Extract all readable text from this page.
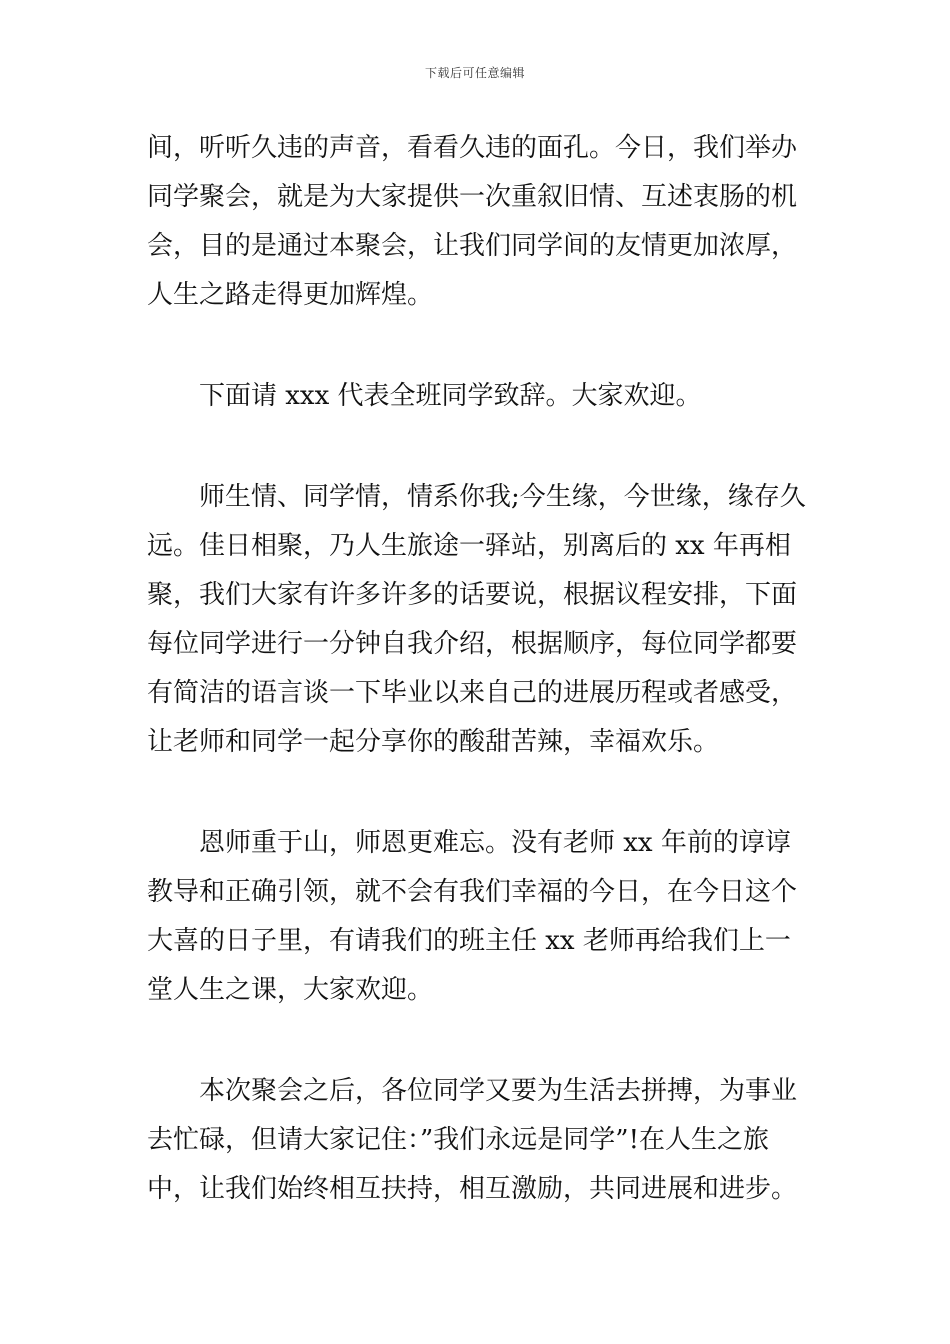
下载后可任意编辑

间，听听久违的声音，看看久违的面孔。今日，我们举办同学聚会，就是为大家提供一次重叙旧情、互述衷肠的机会，目的是通过本聚会，让我们同学间的友情更加浓厚，人生之路走得更加辉煌。

下面请 xxx 代表全班同学致辞。大家欢迎。

师生情、同学情，情系你我;今生缘，今世缘，缘存久远。佳日相聚，乃人生旅途一驿站，别离后的 xx 年再相聚，我们大家有许多许多的话要说，根据议程安排，下面每位同学进行一分钟自我介绍，根据顺序，每位同学都要有简洁的语言谈一下毕业以来自己的进展历程或者感受，让老师和同学一起分享你的酸甜苦辣，幸福欢乐。

恩师重于山，师恩更难忘。没有老师 xx 年前的谆谆教导和正确引领，就不会有我们幸福的今日，在今日这个大喜的日子里，有请我们的班主任 xx 老师再给我们上一堂人生之课，大家欢迎。

本次聚会之后，各位同学又要为生活去拼搏，为事业去忙碌，但请大家记住：”我们永远是同学”!在人生之旅中，让我们始终相互扶持，相互激励，共同进展和进步。
